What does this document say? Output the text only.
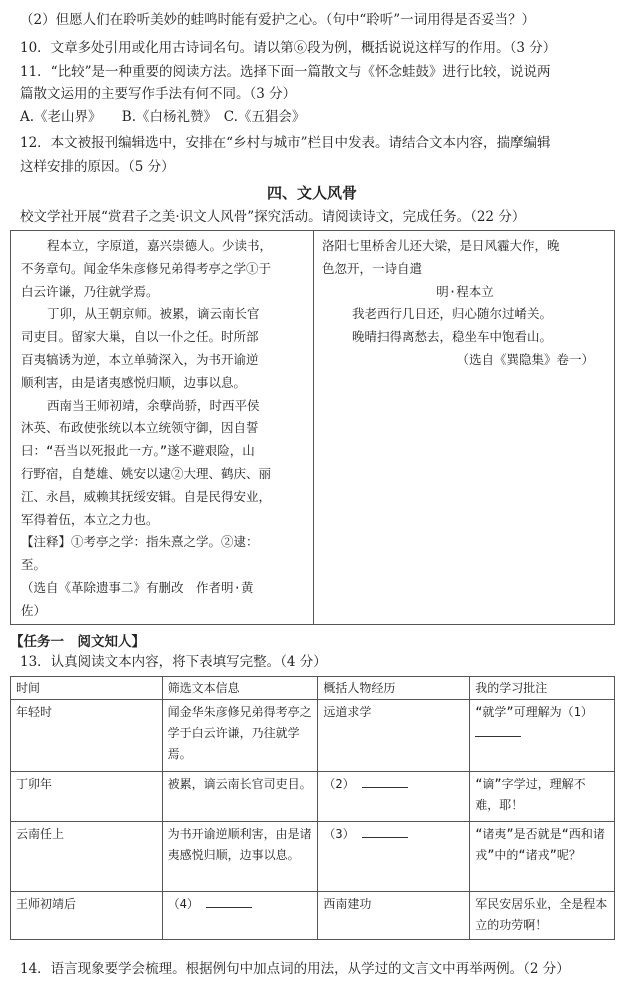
（2）但愿人们在聆听美妙的蛙鸣时能有爱护之心。（句中“聆听”一词用得是否妥当？）
10．文章多处引用或化用古诗词名句。请以第⑥段为例，概括说说这样写的作用。（3 分）
11．“比较”是一种重要的阅读方法。选择下面一篇散文与《怀念蛙鼓》进行比较，说说两
篇散文运用的主要写作手法有何不同。（3 分）
A.《老山界》　　B.《白杨礼赞》　C.《五猖会》
12．本文被报刊编辑选中，安排在“乡村与城市”栏目中发表。请结合文本内容，揣摩编辑
这样安排的原因。（5 分）
四、文人风骨
校文学社开展“赏君子之美·识文人风骨”探究活动。请阅读诗文，完成任务。（22 分）

程本立，字原道，嘉兴崇德人。少读书，

不务章句。闻金华朱彦修兄弟得考亭之学①于

白云许谦，乃往就学焉。

丁卯，从王朝京师。被累，谪云南长官

司吏目。留家大巢，自以一仆之任。时所部

百夷犒诱为逆，本立单骑深入，为书开谕逆

顺利害，由是诸夷感悦归顺，边事以息。

西南当王师初靖，余孽尚骄，时西平侯

沐英、布政使张统以本立统领守御，因自誓

曰：“吾当以死报此一方。”遂不避艰险，山

行野宿，自楚雄、姚安以逮②大理、鹤庆、丽

江、永昌，威赖其抚绥安辑。自是民得安业，

军得着伍，本立之力也。

【注释】①考亭之学：指朱熹之学。②逮：

至。

（选自《革除遗事二》有删改　作者明·黄

佐）

洛阳七里桥舍儿还大梁，是日风霾大作，晚

色忽开，一诗自遣

明·程本立

我老西行几日还，归心随尔过崤关。

晚晴扫得离愁去，稳坐车中饱看山。

（选自《巽隐集》卷一）

【任务一　阅文知人】
13．认真阅读文本内容，将下表填写完整。（4 分）
时间	筛选文本信息	概括人物经历	我的学习批注
年轻时	闻金华朱彦修兄弟得考亭之学于白云许谦，乃往就学焉。	远道求学	“就学”可理解为（1）

丁卯年	被累，谪云南长官司吏目。	（2）	“谪”字学过，理解不难，耶！
云南任上	为书开谕逆顺利害，由是诸夷感悦归顺，边事以息。	（3）	“诸夷”是否就是“西和诸戎”中的“诸戎”呢？
王师初靖后	（4）	西南建功	军民安居乐业，全是程本立的功劳啊！
14．语言现象要学会梳理。根据例句中加点词的用法，从学过的文言文中再举两例。（2 分）
